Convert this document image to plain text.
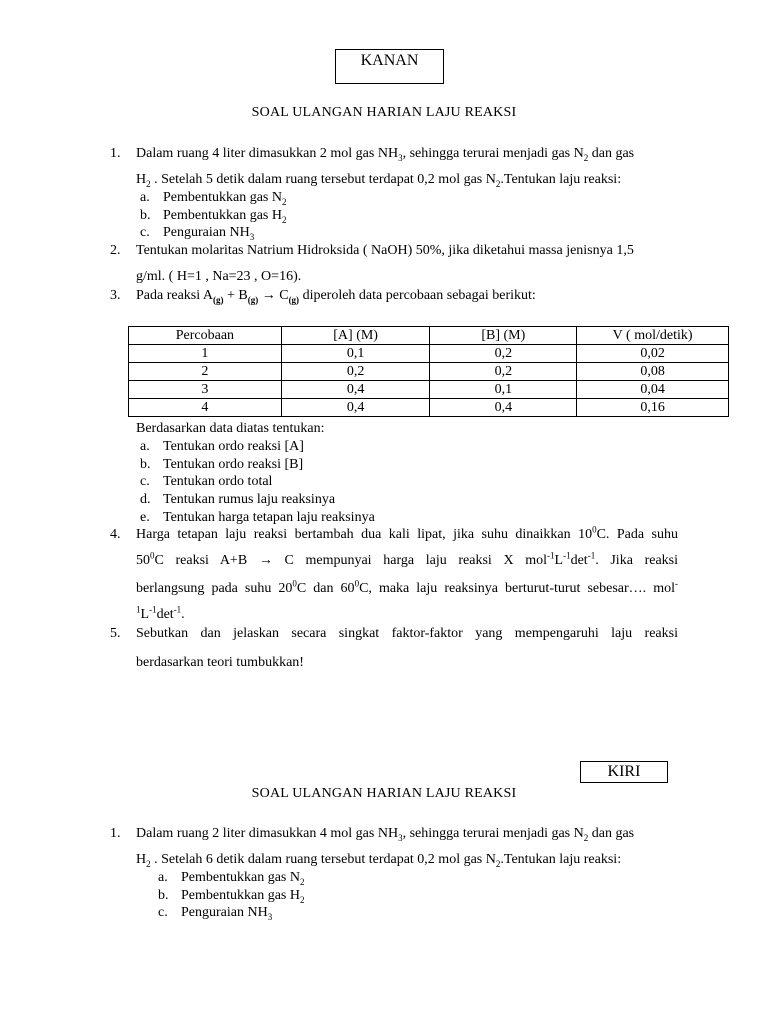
KANAN
SOAL ULANGAN HARIAN LAJU REAKSI
1. Dalam ruang 4 liter dimasukkan 2 mol gas $NH_3$, sehingga terurai menjadi gas $N_2$ dan gas
$H_2$ . Setelah 5 detik dalam ruang tersebut terdapat 0,2 mol gas $N_2.Tentukan$ laju reaksi:
a. Pembentukkan gas $N_2$
b. Pembentukkan gas $H_2$
c. Penguraian $NH_3$
2. Tentukan molaritas Natrium Hidroksida ( NaOH) 50%, jika diketahui massa jenisnya 1,5
g/ml. ( H=1 , Na=23 , O=16).
3. Pada reaksi $A_{(g)} + B_{(g)} \to C_{(g)}$ diperoleh data percobaan sebagai berikut:
Percobaan	[A] (M)	[B] (M)	V ( mol/detik)
1	0,1	0,2	0,02
2	0,2	0,2	0,08
3	0,4	0,1	0,04
4	0,4	0,4	0,16
Berdasarkan data diatas tentukan:
a. Tentukan ordo reaksi [A]
b. Tentukan ordo reaksi [B]
c. Tentukan ordo total
d. Tentukan rumus laju reaksinya
e. Tentukan harga tetapan laju reaksinya
4. Harga tetapan laju reaksi bertambah dua kali lipat, jika suhu dinaikkan $10^0C$. Pada suhu
$50^0C$ reaksi A+B → C mempunyai harga laju reaksi X $mol^{-1}L^{-1}\det^{-1}$. Jika reaksi
berlangsung pada suhu $20^0C$ dan $60^0C$, maka laju reaksinya berturut-turut sebesar…. mol-
$^1L^{-1}\det^{-1}$.
5. Sebutkan dan jelaskan secara singkat faktor-faktor yang mempengaruhi laju reaksi
berdasarkan teori tumbukkan!
KIRI
SOAL ULANGAN HARIAN LAJU REAKSI
1. Dalam ruang 2 liter dimasukkan 4 mol gas $NH_3$, sehingga terurai menjadi gas $N_2$ dan gas
$H_2$ . Setelah 6 detik dalam ruang tersebut terdapat 0,2 mol gas $N_2.Tentukan$ laju reaksi:
a. Pembentukkan gas $N_2$
b. Pembentukkan gas $H_2$
c. Penguraian $NH_3$
